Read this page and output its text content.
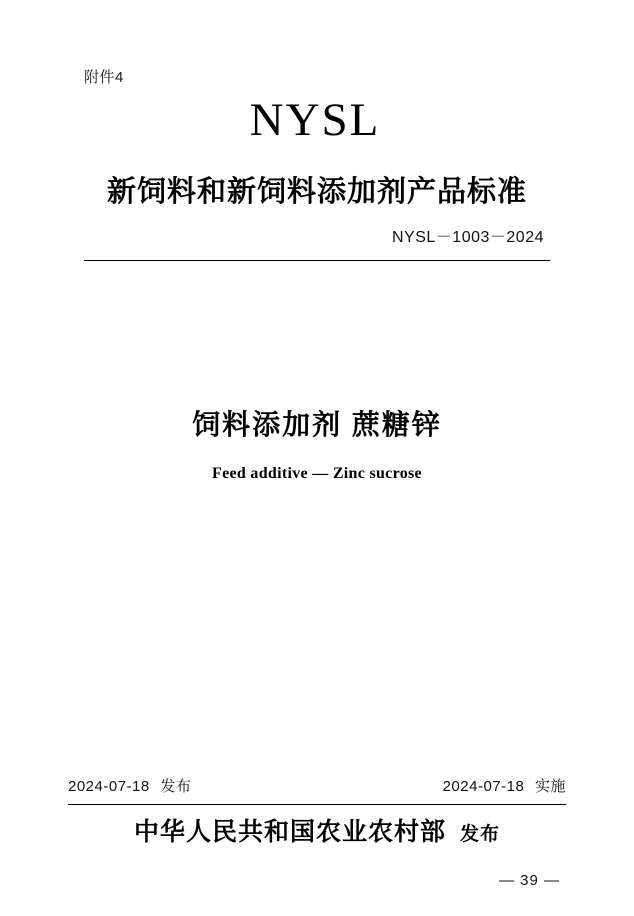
附件4
NYSL
新饲料和新饲料添加剂产品标准
NYSL－1003－2024
饲料添加剂 蔗糖锌
Feed additive — Zinc sucrose
2024-07-18 发布	2024-07-18 实施
中华人民共和国农业农村部 发布
— 39 —
